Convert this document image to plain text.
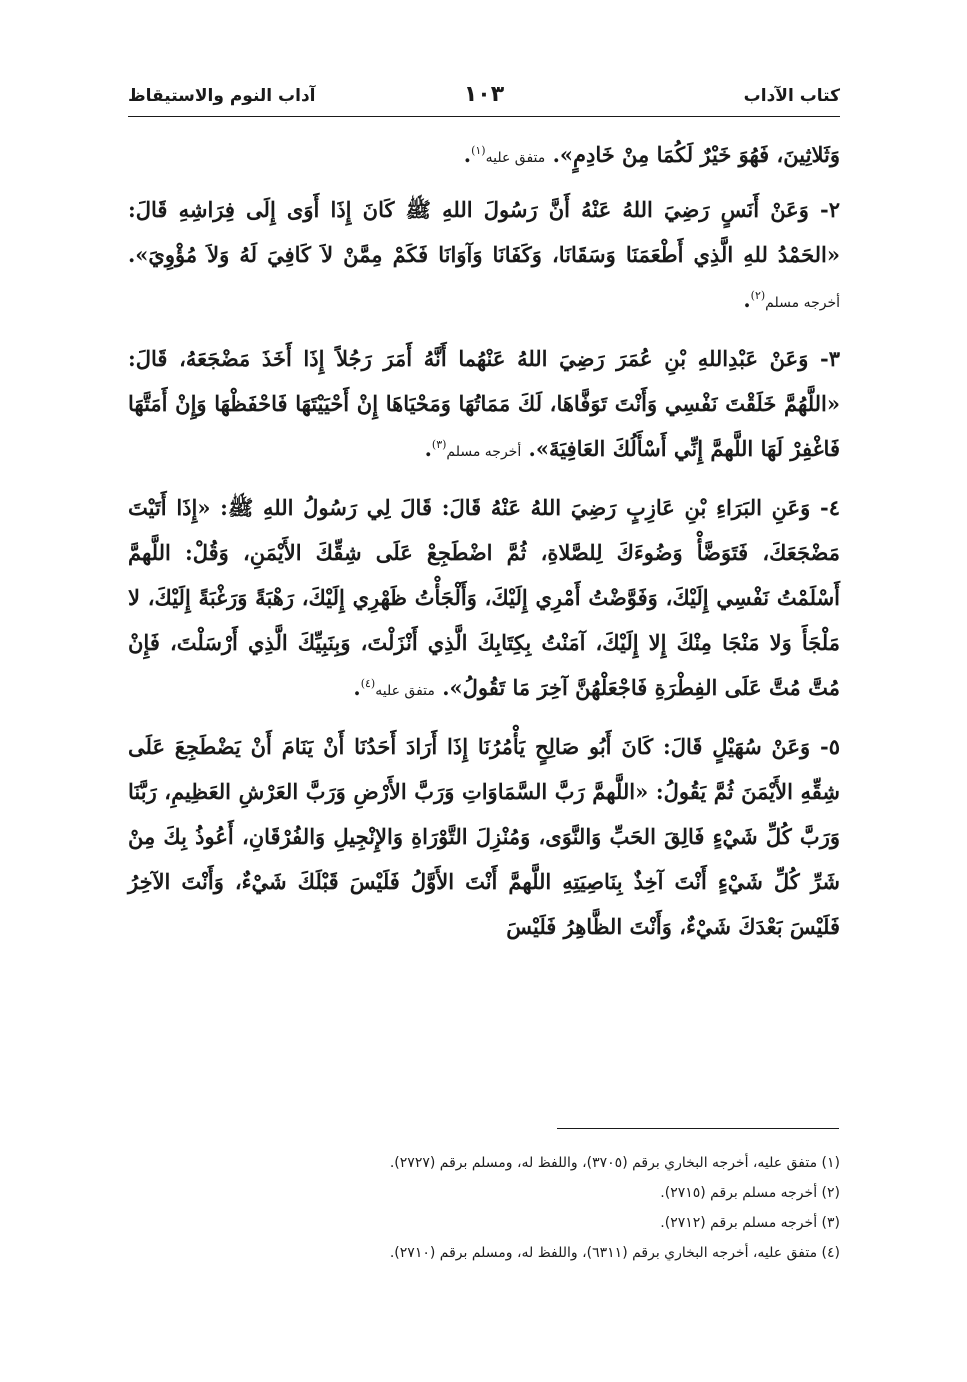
كتاب الآداب
١٠٣
آداب النوم والاستيقاظ

وَثَلاثِينَ، فَهُوَ خَيْرٌ لَكُمَا مِنْ خَادِمٍ». متفق عليه$^{(١)}$.

٢- وَعَنْ أَنَسٍ رَضِيَ اللهُ عَنْهُ أَنَّ رَسُولَ اللهِ ﷺ كَانَ إِذَا أَوَى إِلَى فِرَاشِهِ قَالَ: «الحَمْدُ للهِ الَّذِي أَطْعَمَنَا وَسَقَانَا، وَكَفَانَا وَآوَانَا فَكَمْ مِمَّنْ لاَ كَافِيَ لَهُ وَلاَ مُؤْوِيَ». أخرجه مسلم$^{(٢)}$.

٣- وَعَنْ عَبْدِاللهِ بْنِ عُمَرَ رَضِيَ اللهُ عَنْهُما أَنَّهُ أَمَرَ رَجُلاً إِذَا أَخَذَ مَضْجَعَهُ، قَالَ: «اللَّهُمَّ خَلَقْتَ نَفْسِي وَأَنْتَ تَوَفَّاهَا، لَكَ مَمَاتُهَا وَمَحْيَاهَا إِنْ أَحْيَيْتَهَا فَاحْفَظْهَا وَإِنْ أَمَتَّهَا فَاغْفِرْ لَهَا اللَّهمَّ إِنِّي أَسْأَلُكَ العَافِيَةَ». أخرجه مسلم$^{(٣)}$.

٤- وَعَنِ البَرَاءِ بْنِ عَازِبٍ رَضِيَ اللهُ عَنْهُ قَالَ: قَالَ لِي رَسُولُ اللهِ ﷺ: «إِذَا أَتَيْتَ مَضْجَعَكَ، فَتَوَضَّأْ وَضُوءَكَ لِلصَّلاةِ، ثُمَّ اضْطَجِعْ عَلَى شِقِّكَ الأَيْمَنِ، وَقُلْ: اللَّهمَّ أَسْلَمْتُ نَفْسِي إِلَيْكَ، وَفَوَّضْتُ أَمْرِي إِلَيْكَ، وَأَلْجَأْتُ ظَهْرِي إِلَيْكَ، رَهْبَةً وَرَغْبَةً إِلَيْكَ، لا مَلْجَأَ وَلا مَنْجَا مِنْكَ إِلا إِلَيْكَ، آمَنْتُ بِكِتَابِكَ الَّذِي أَنْزَلْتَ، وَبِنَبِيِّكَ الَّذِي أَرْسَلْتَ، فَإِنْ مُتَّ مُتَّ عَلَى الفِطْرَةِ فَاجْعَلْهُنَّ آخِرَ مَا تَقُولُ». متفق عليه$^{(٤)}$.

٥- وَعَنْ سُهَيْلٍ قَالَ: كَانَ أَبُو صَالِحٍ يَأْمُرُنَا إِذَا أَرَادَ أَحَدُنَا أَنْ يَنَامَ أَنْ يَضْطَجِعَ عَلَى شِقِّهِ الأَيْمَنَ ثُمَّ يَقُولُ: «اللَّهمَّ رَبَّ السَّمَاوَاتِ وَرَبَّ الأَرْضِ وَرَبَّ العَرْشِ العَظِيمِ، رَبَّنَا وَرَبَّ كُلِّ شَيْءٍ فَالِقَ الحَبِّ وَالنَّوَى، وَمُنْزِلَ التَّوْرَاةِ وَالإِنْجِيلِ وَالفُرْقَانِ، أَعُوذُ بِكَ مِنْ شَرِّ كُلِّ شَيْءٍ أَنْتَ آخِذٌ بِنَاصِيَتِهِ اللَّهمَّ أَنْتَ الأَوَّلُ فَلَيْسَ قَبْلَكَ شَيْءٌ، وَأَنْتَ الآخِرُ فَلَيْسَ بَعْدَكَ شَيْءٌ، وَأَنْتَ الظَّاهِرُ فَلَيْسَ

(١) متفق عليه، أخرجه البخاري برقم (٣٧٠٥)، واللفظ له، ومسلم برقم (٢٧٢٧).

(٢) أخرجه مسلم برقم (٢٧١٥).

(٣) أخرجه مسلم برقم (٢٧١٢).

(٤) متفق عليه، أخرجه البخاري برقم (٦٣١١)، واللفظ له، ومسلم برقم (٢٧١٠).
